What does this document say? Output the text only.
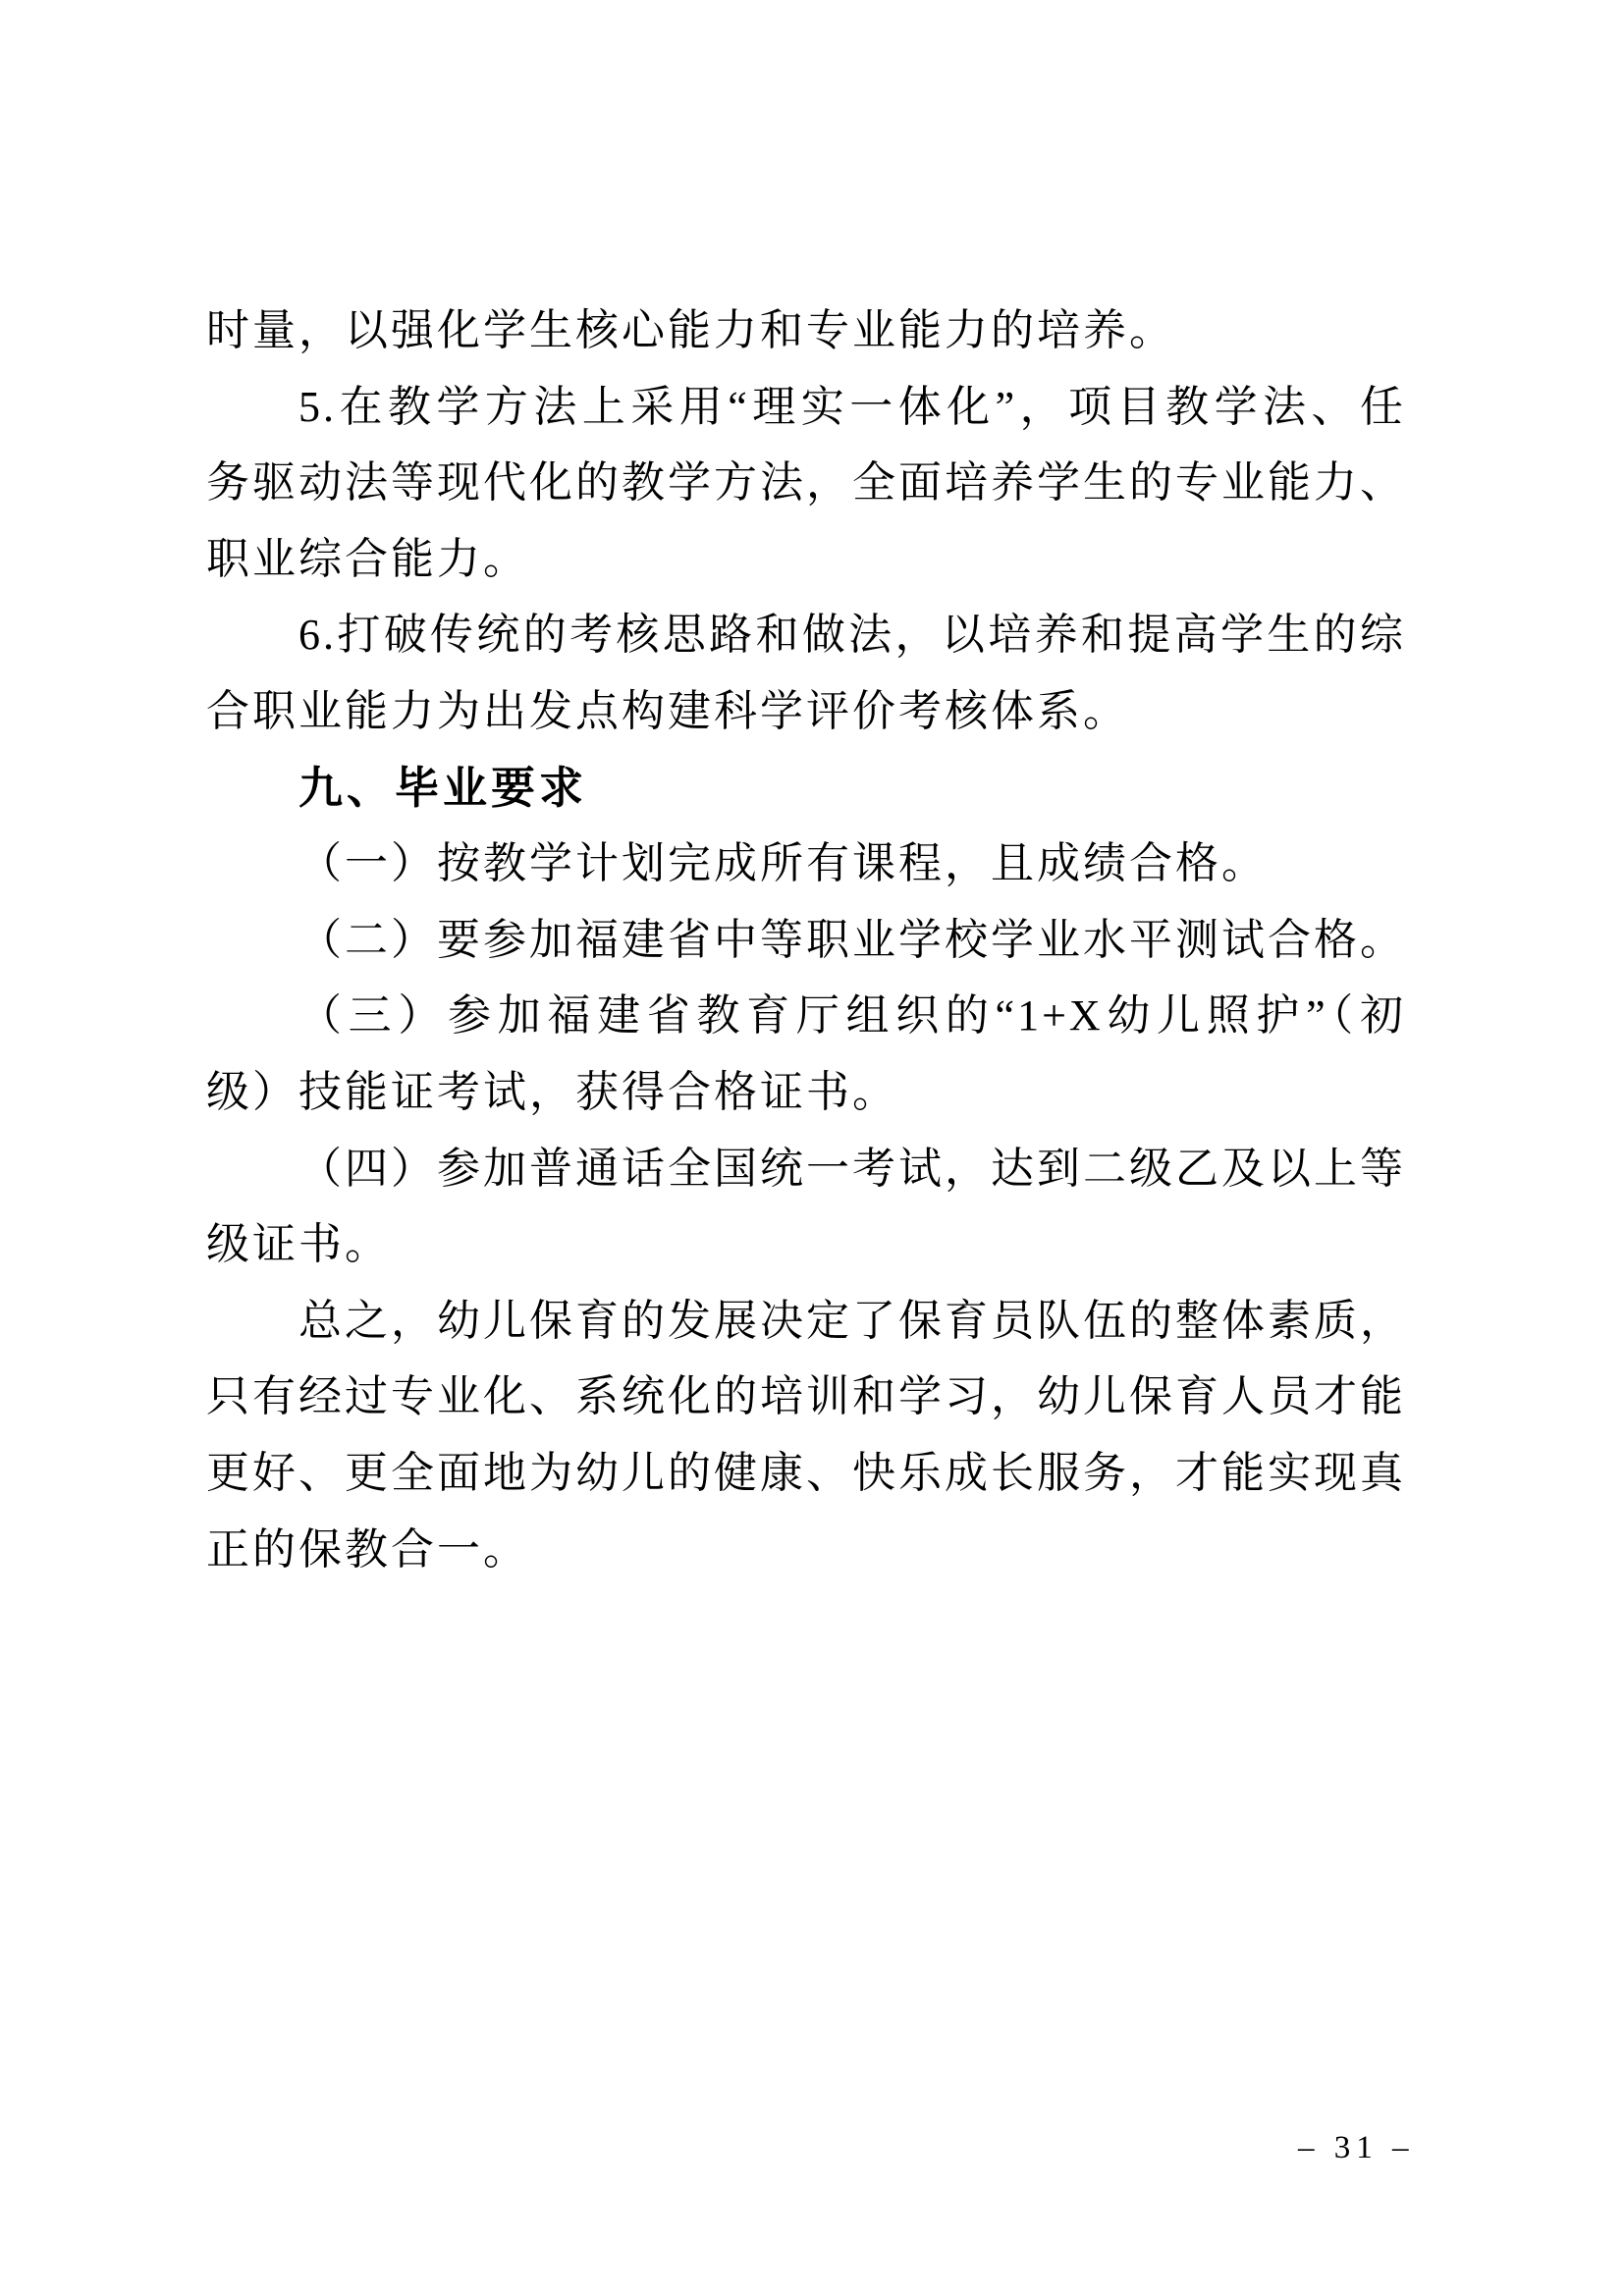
时量，以强化学生核心能力和专业能力的培养。
5.在教学方法上采用“理实一体化”，项目教学法、任
务驱动法等现代化的教学方法，全面培养学生的专业能力、
职业综合能力。
6.打破传统的考核思路和做法，以培养和提高学生的综
合职业能力为出发点构建科学评价考核体系。
九、毕业要求
（一）按教学计划完成所有课程，且成绩合格。
（二）要参加福建省中等职业学校学业水平测试合格。
（三）参加福建省教育厅组织的“1+X幼儿照护”（初
级）技能证考试，获得合格证书。
（四）参加普通话全国统一考试，达到二级乙及以上等
级证书。
总之，幼儿保育的发展决定了保育员队伍的整体素质，
只有经过专业化、系统化的培训和学习，幼儿保育人员才能
更好、更全面地为幼儿的健康、快乐成长服务，才能实现真
正的保教合一。
– 31 –
